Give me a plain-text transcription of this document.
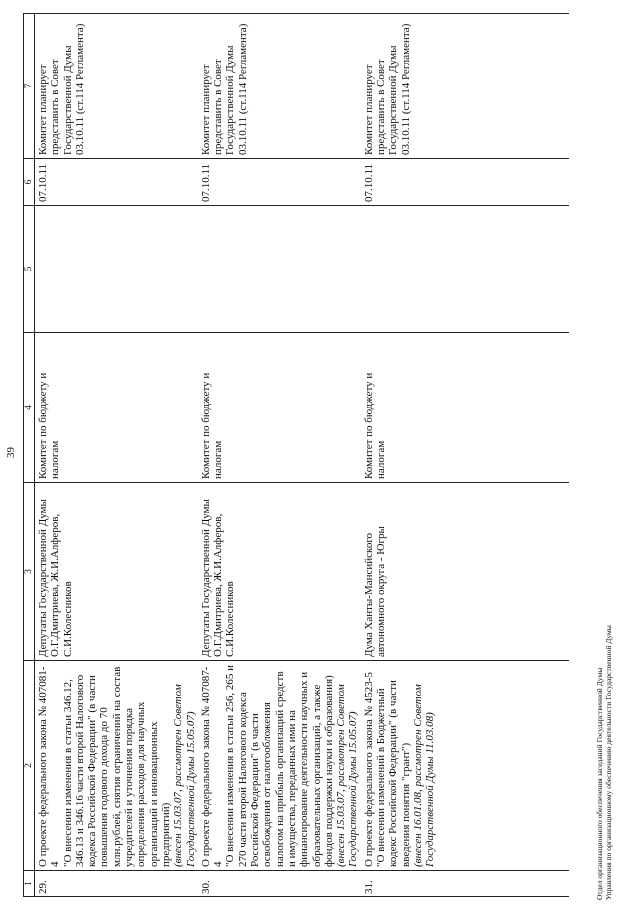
39
1	2	3	4	5	6	7
29.	О проекте федерального закона № 407081-4
"О внесении изменения в статьи 346.12, 346.13 и 346.16 части второй Налогового кодекса Российской Федерации" (в части повышения годового дохода до 70 млн.рублей, снятия ограничений на состав учредителей и уточнения порядка определения расходов для научных организаций и инновационных предприятий)
(внесен 15.03.07, рассмотрен Советом Государственной Думы 15.05.07)	Депутаты Государственной Думы О.Г.Дмитриева, Ж.И.Алферов, С.И.Колесников	Комитет по бюджету и налогам		07.10.11	Комитет планирует представить в Совет Государственной Думы 03.10.11 (ст.114 Регламента)
30.	О проекте федерального закона № 407087-4
"О внесении изменения в статьи 256, 265 и 270 части второй Налогового кодекса Российской Федерации" (в части освобождения от налогообложения налогом на прибыль организаций средств и имущества, переданных ими на финансирование деятельности научных и образовательных организаций, а также фондов поддержки науки и образования)
(внесен 15.03.07, рассмотрен Советом Государственной Думы 15.05.07)	Депутаты Государственной Думы О.Г.Дмитриева, Ж.И.Алферов, С.И.Колесников	Комитет по бюджету и налогам		07.10.11	Комитет планирует представить в Совет Государственной Думы 03.10.11 (ст.114 Регламента)
31.	О проекте федерального закона № 4523-5
"О внесении изменений в Бюджетный кодекс Российской Федерации" (в части введения понятия "грант")
(внесен 16.01.08, рассмотрен Советом Государственной Думы 11.03.08)	Дума Ханты-Мансийского автономного округа - Югры	Комитет по бюджету и налогам		07.10.11	Комитет планирует представить в Совет Государственной Думы 03.10.11 (ст.114 Регламента)
Отдел организационного обеспечения заседаний Государственной Думы Управления по организационному обеспечению деятельности Государственной Думы
